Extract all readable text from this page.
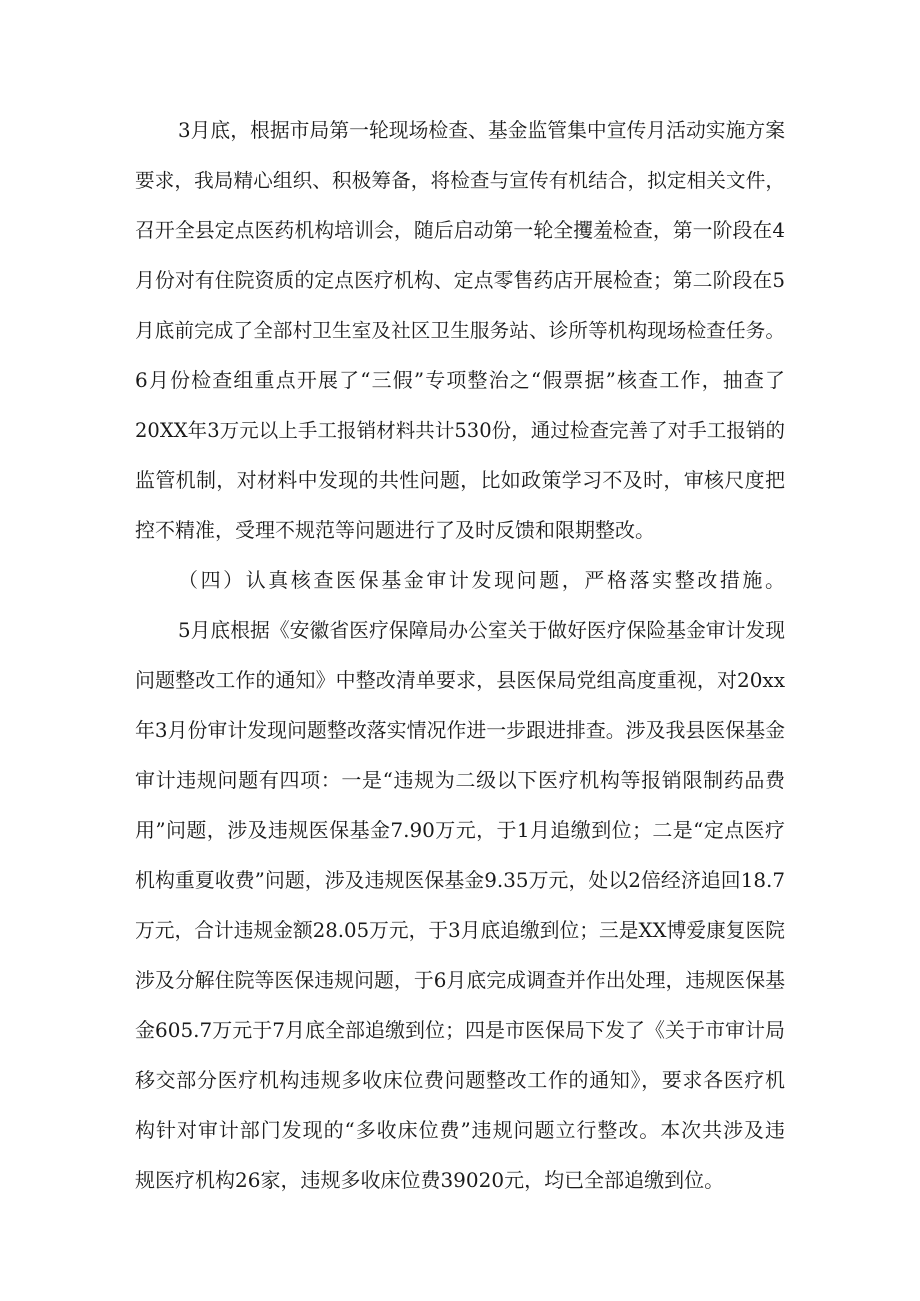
3月底，根据市局第一轮现场检查、基金监管集中宣传月活动实施方案
要求，我局精心组织、积极筹备，将检查与宣传有机结合，拟定相关文件，
召开全县定点医药机构培训会，随后启动第一轮全攫羞检查，第一阶段在4
月份对有住院资质的定点医疗机构、定点零售药店开展检查；第二阶段在5
月底前完成了全部村卫生室及社区卫生服务站、诊所等机构现场检查任务。
6月份检查组重点开展了“三假”专项整治之“假票据”核查工作，抽查了
20XX年3万元以上手工报销材料共计530份，通过检查完善了对手工报销的
监管机制，对材料中发现的共性问题，比如政策学习不及时，审核尺度把
控不精准，受理不规范等问题进行了及时反馈和限期整改。
（四）认真核查医保基金审计发现问题，严格落实整改措施。
5月底根据《安徽省医疗保障局办公室关于做好医疗保险基金审计发现
问题整改工作的通知》中整改清单要求，县医保局党组高度重视，对20xx
年3月份审计发现问题整改落实情况作进一步跟进排查。涉及我县医保基金
审计违规问题有四项：一是“违规为二级以下医疗机构等报销限制药品费
用”问题，涉及违规医保基金7.90万元，于1月追缴到位；二是“定点医疗
机构重夏收费”问题，涉及违规医保基金9.35万元，处以2倍经济追回18.7
万元，合计违规金额28.05万元，于3月底追缴到位；三是XX博爱康复医院
涉及分解住院等医保违规问题，于6月底完成调查并作出处理，违规医保基
金605.7万元于7月底全部追缴到位；四是市医保局下发了《关于市审计局
移交部分医疗机构违规多收床位费问题整改工作的通知》，要求各医疗机
构针对审计部门发现的“多收床位费”违规问题立行整改。本次共涉及违
规医疗机构26家，违规多收床位费39020元，均已全部追缴到位。
